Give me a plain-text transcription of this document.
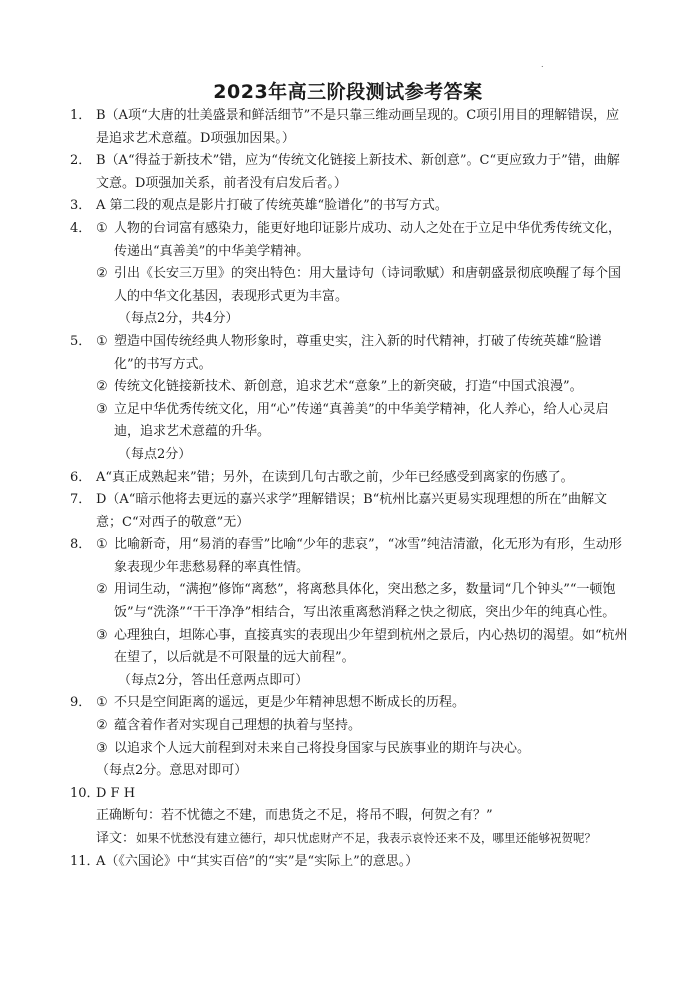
.
2023年高三阶段测试参考答案
1． B（A项“大唐的壮美盛景和鲜活细节”不是只靠三维动画呈现的。C项引用目的理解错误，应是追求艺术意蕴。D项强加因果。）
2． B（A“得益于新技术”错，应为“传统文化链接上新技术、新创意”。C“更应致力于”错，曲解文意。D项强加关系，前者没有启发后者。）
3． A 第二段的观点是影片打破了传统英雄“脸谱化”的书写方式。
4． ① 人物的台词富有感染力，能更好地印证影片成功、动人之处在于立足中华优秀传统文化，传递出“真善美”的中华美学精神。
② 引出《长安三万里》的突出特色：用大量诗句（诗词歌赋）和唐朝盛景彻底唤醒了每个国人的中华文化基因，表现形式更为丰富。
（每点2分，共4分）
5． ① 塑造中国传统经典人物形象时，尊重史实，注入新的时代精神，打破了传统英雄“脸谱化”的书写方式。
② 传统文化链接新技术、新创意，追求艺术“意象”上的新突破，打造“中国式浪漫”。
③ 立足中华优秀传统文化，用“心”传递“真善美”的中华美学精神，化人养心，给人心灵启迪，追求艺术意蕴的升华。
（每点2分）
6． A“真正成熟起来”错；另外，在读到几句古歌之前，少年已经感受到离家的伤感了。
7． D（A“暗示他将去更远的嘉兴求学”理解错误；B“杭州比嘉兴更易实现理想的所在”曲解文意；C“对西子的敬意”无）
8． ① 比喻新奇，用“易消的春雪”比喻“少年的悲哀”，“冰雪”纯洁清澈，化无形为有形，生动形象表现少年悲愁易释的率真性情。
② 用词生动，“满抱”修饰“离愁”，将离愁具体化，突出愁之多，数量词“几个钟头”“一顿饱饭”与“洗涤”“干干净净”相结合，写出浓重离愁消释之快之彻底，突出少年的纯真心性。
③ 心理独白，坦陈心事，直接真实的表现出少年望到杭州之景后，内心热切的渴望。如“杭州在望了，以后就是不可限量的远大前程”。
（每点2分，答出任意两点即可）
9． ① 不只是空间距离的遥远，更是少年精神思想不断成长的历程。
② 蕴含着作者对实现自己理想的执着与坚持。
③ 以追求个人远大前程到对未来自己将投身国家与民族事业的期许与决心。
（每点2分。意思对即可）
10．
D F H
正确断句：若不忧德之不建，而患货之不足，将吊不暇，何贺之有？”
译文： 如果不忧愁没有建立德行，却只忧虑财产不足，我表示哀怜还来不及，哪里还能够祝贺呢？
11．
A（《六国论》中“其实百倍”的“实”是“实际上”的意思。）
